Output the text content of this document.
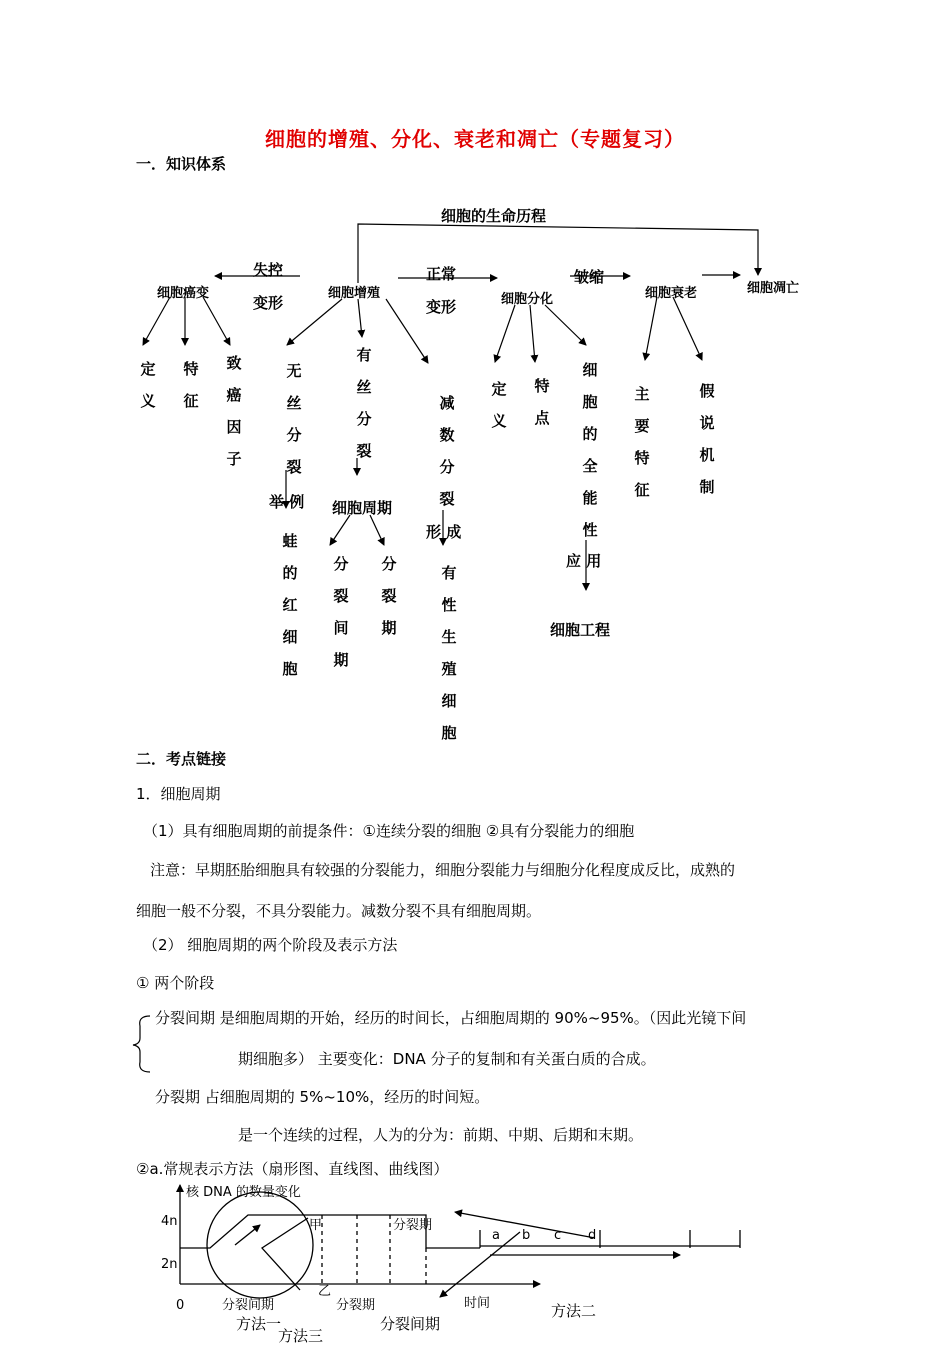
细胞的增殖、分化、衰老和凋亡（专题复习）
一．知识体系
细胞的生命历程
细胞癌变	细胞增殖	细胞分化	细胞衰老	细胞凋亡
失控
变形
正常
变形
皱缩
定义
特征
致癌因子
无丝分裂
举 例
蛙的红细胞
有丝分裂
细胞周期
分裂间期
分裂期
减数分裂
形 成
有性生殖细胞
定义
特点
细胞的全能性
应 用
细胞工程
主要特征
假说机制
二．考点链接
1．细胞周期
（1）具有细胞周期的前提条件：①连续分裂的细胞 ②具有分裂能力的细胞
注意：早期胚胎细胞具有较强的分裂能力，细胞分裂能力与细胞分化程度成反比，成熟的
细胞一般不分裂，不具分裂能力。减数分裂不具有细胞周期。
（2） 细胞周期的两个阶段及表示方法
① 两个阶段
分裂间期 是细胞周期的开始，经历的时间长，占细胞周期的 90%~95%。（因此光镜下间
期细胞多） 主要变化：DNA 分子的复制和有关蛋白质的合成。
分裂期 占细胞周期的 5%~10%，经历的时间短。
是一个连续的过程，人为的分为：前期、中期、后期和末期。
②a.常规表示方法（扇形图、直线图、曲线图）
核 DNA 的数量变化
4n
2n
0
甲
乙
分裂期
分裂间期	分裂期	时间
a b c d
方法一
方法二
方法三
分裂间期
